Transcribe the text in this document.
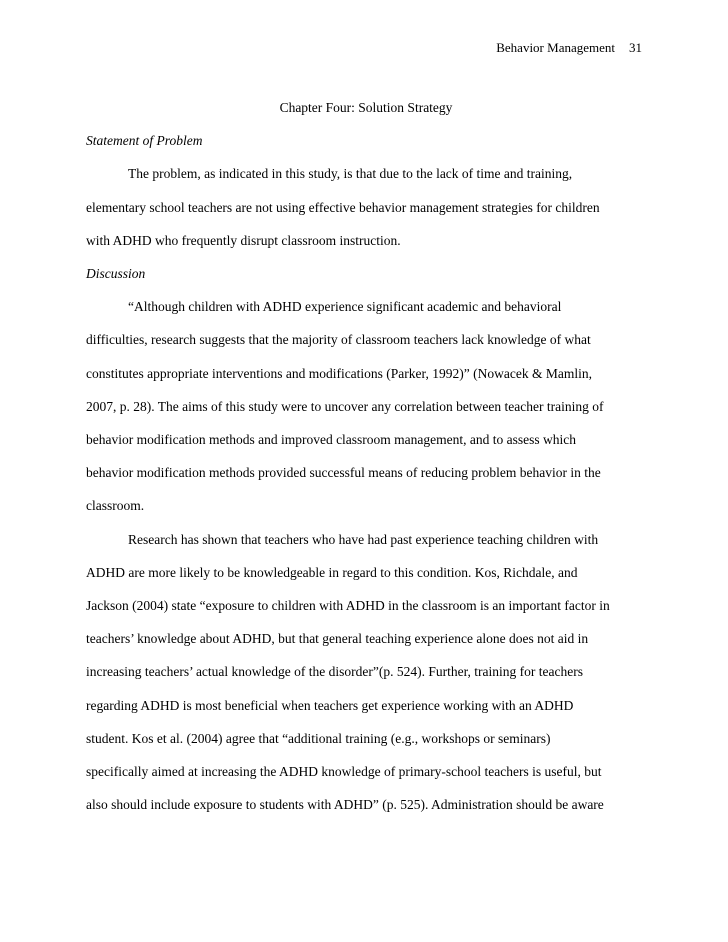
Behavior Management 31

Chapter Four: Solution Strategy

Statement of Problem

The problem, as indicated in this study, is that due to the lack of time and training,
elementary school teachers are not using effective behavior management strategies for children
with ADHD who frequently disrupt classroom instruction.

Discussion

“Although children with ADHD experience significant academic and behavioral
difficulties, research suggests that the majority of classroom teachers lack knowledge of what
constitutes appropriate interventions and modifications (Parker, 1992)” (Nowacek & Mamlin,
2007, p. 28). The aims of this study were to uncover any correlation between teacher training of
behavior modification methods and improved classroom management, and to assess which
behavior modification methods provided successful means of reducing problem behavior in the
classroom.
Research has shown that teachers who have had past experience teaching children with
ADHD are more likely to be knowledgeable in regard to this condition. Kos, Richdale, and
Jackson (2004) state “exposure to children with ADHD in the classroom is an important factor in
teachers’ knowledge about ADHD, but that general teaching experience alone does not aid in
increasing teachers’ actual knowledge of the disorder”(p. 524). Further, training for teachers
regarding ADHD is most beneficial when teachers get experience working with an ADHD
student. Kos et al. (2004) agree that “additional training (e.g., workshops or seminars)
specifically aimed at increasing the ADHD knowledge of primary-school teachers is useful, but
also should include exposure to students with ADHD” (p. 525). Administration should be aware
